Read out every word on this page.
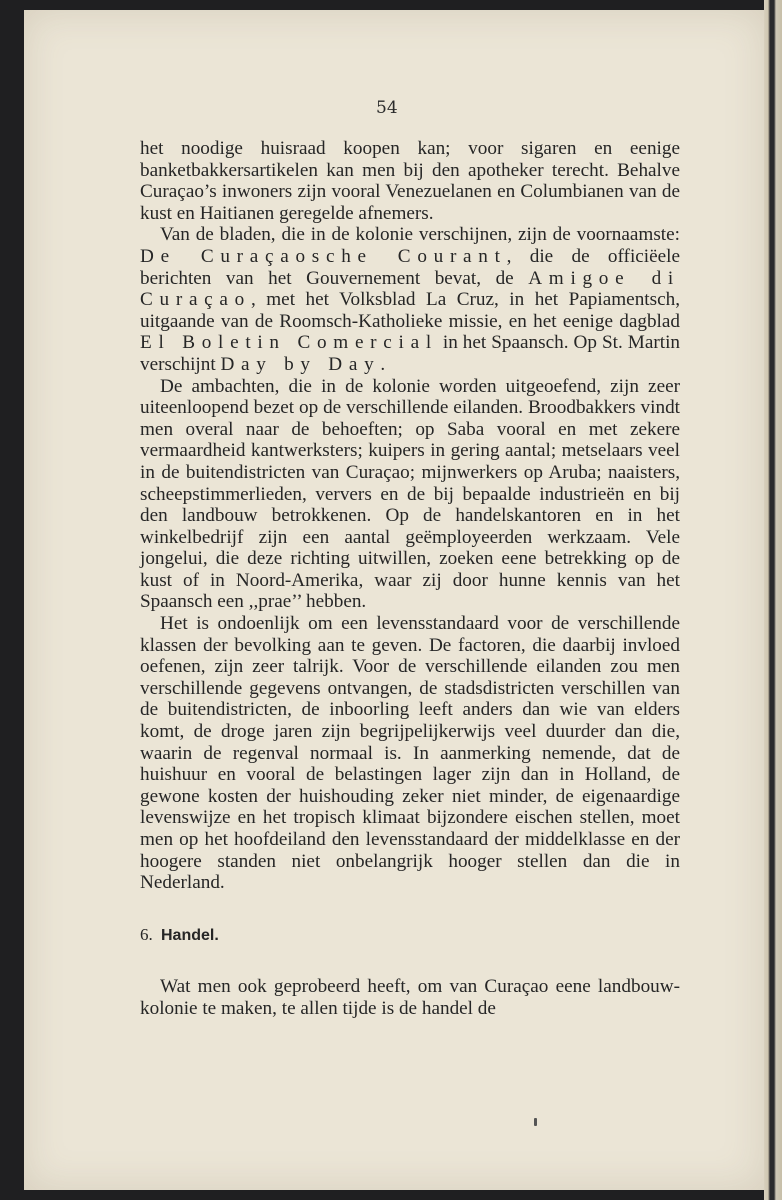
54

het noodige huisraad koopen kan; voor sigaren en eenige banketbakkersartikelen kan men bij den apotheker terecht. Behalve Curaçao’s inwoners zijn vooral Venezuelanen en Columbianen van de kust en Haitianen geregelde afnemers.

Van de bladen, die in de kolonie verschijnen, zijn de voornaamste: De Curaçaosche Courant, die de officiëele berichten van het Gouvernement bevat, de Amigoe di Curaçao, met het Volksblad La Cruz, in het Papiamentsch, uitgaande van de Roomsch-Katholieke missie, en het eenige dagblad El Boletin Comercial in het Spaansch. Op St. Martin verschijnt Day by Day.

De ambachten, die in de kolonie worden uitgeoefend, zijn zeer uiteenloopend bezet op de verschillende eilanden. Broodbakkers vindt men overal naar de behoeften; op Saba vooral en met zekere vermaardheid kantwerksters; kuipers in gering aantal; metselaars veel in de buitendistricten van Curaçao; mijnwerkers op Aruba; naaisters, scheepstimmerlieden, ververs en de bij bepaalde industrieën en bij den landbouw betrokkenen. Op de handelskantoren en in het winkelbedrijf zijn een aantal geëmployeerden werkzaam. Vele jongelui, die deze richting uitwillen, zoeken eene betrekking op de kust of in Noord-Amerika, waar zij door hunne kennis van het Spaansch een ,,prae’’ hebben.

Het is ondoenlijk om een levensstandaard voor de verschillende klassen der bevolking aan te geven. De factoren, die daarbij invloed oefenen, zijn zeer talrijk. Voor de verschillende eilanden zou men verschillende gegevens ontvangen, de stadsdistricten verschillen van de buitendistricten, de inboorling leeft anders dan wie van elders komt, de droge jaren zijn begrijpelijkerwijs veel duurder dan die, waarin de regenval normaal is. In aanmerking nemende, dat de huishuur en vooral de belastingen lager zijn dan in Holland, de gewone kosten der huishouding zeker niet minder, de eigenaardige levenswijze en het tropisch klimaat bijzondere eischen stellen, moet men op het hoofdeiland den levensstandaard der middelklasse en der hoogere standen niet onbelangrijk hooger stellen dan die in Nederland.

6. Handel.

Wat men ook geprobeerd heeft, om van Curaçao eene landbouw-kolonie te maken, te allen tijde is de handel de
